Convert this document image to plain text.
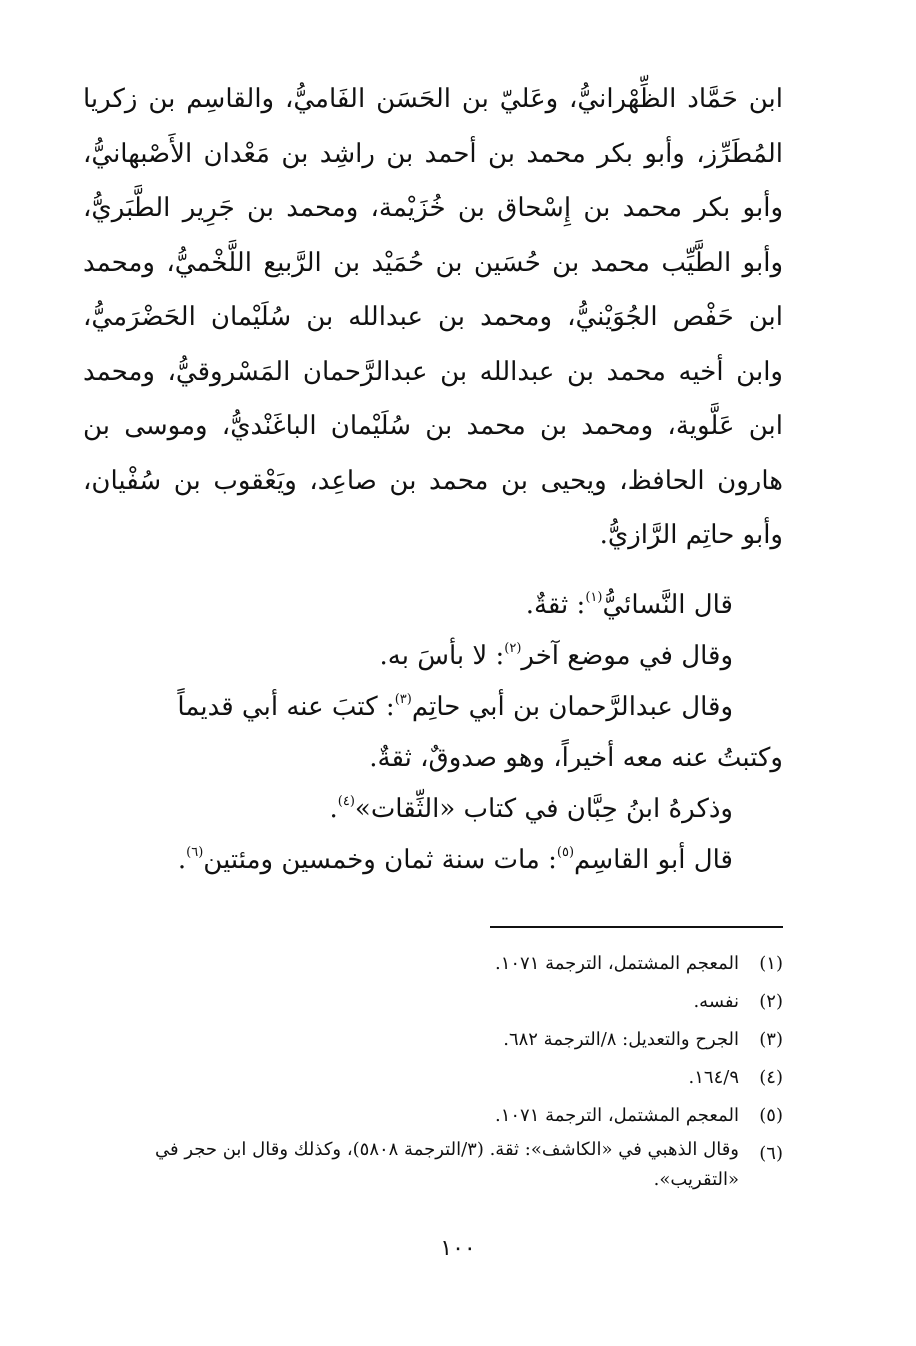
ابن حَمَّاد الظِّهْرانيُّ، وعَليّ بن الحَسَن الفَاميُّ، والقاسِم بن زكريا
المُطَرِّز، وأبو بكر محمد بن أحمد بن راشِد بن مَعْدان الأَصْبهانيُّ،
وأبو بكر محمد بن إِسْحاق بن خُزَيْمة، ومحمد بن جَرِير الطَّبَريُّ،
وأبو الطَّيِّب محمد بن حُسَين بن حُمَيْد بن الرَّبيع اللَّخْميُّ، ومحمد
ابن حَفْص الجُوَيْنيُّ، ومحمد بن عبدالله بن سُلَيْمان الحَضْرَميُّ،
وابن أخيه محمد بن عبدالله بن عبدالرَّحمان المَسْروقيُّ، ومحمد
ابن عَلَّوية، ومحمد بن محمد بن سُلَيْمان الباغَنْديُّ، وموسى بن
هارون الحافظ، ويحيى بن محمد بن صاعِد، ويَعْقوب بن سُفْيان،
وأبو حاتِم الرَّازيُّ.
قال النَّسائيُّ$^{(١)}$: ثقةٌ.
وقال في موضع آخر$^{(٢)}$: لا بأسَ به.
وقال عبدالرَّحمان بن أبي حاتِم$^{(٣)}$: كتبَ عنه أبي قديماً
وكتبتُ عنه معه أخيراً، وهو صدوقٌ، ثقةٌ.
وذكرهُ ابنُ حِبَّان في كتاب «الثِّقات»$^{(٤)}$.
قال أبو القاسِم$^{(٥)}$: مات سنة ثمان وخمسين ومئتين$^{(٦)}$.
(١)
المعجم المشتمل، الترجمة ١٠٧١.
(٢)
نفسه.
(٣)
الجرح والتعديل: ٨/الترجمة ٦٨٢.
(٤)
١٦٤/٩.
(٥)
المعجم المشتمل، الترجمة ١٠٧١.
(٦)
وقال الذهبي في «الكاشف»: ثقة. (٣/الترجمة ٥٨٠٨)، وكذلك وقال ابن حجر في «التقريب».
١٠٠
